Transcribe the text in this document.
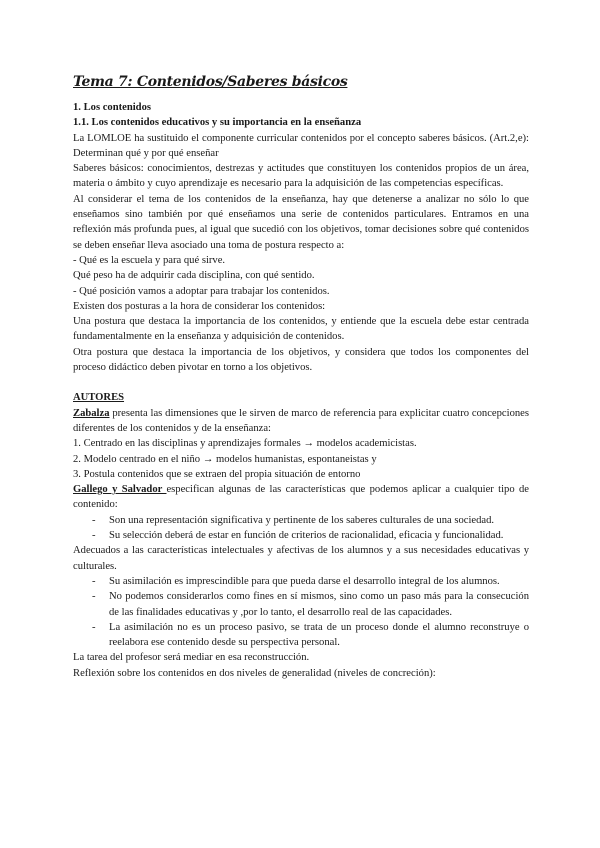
Tema 7: Contenidos/Saberes básicos
1. Los contenidos
1.1. Los contenidos educativos y su importancia en la enseñanza
La LOMLOE ha sustituido el componente curricular contenidos por el concepto saberes básicos. (Art.2,e): Determinan qué y por qué enseñar
Saberes básicos: conocimientos, destrezas y actitudes que constituyen los contenidos propios de un área, materia o ámbito y cuyo aprendizaje es necesario para la adquisición de las competencias específicas.
Al considerar el tema de los contenidos de la enseñanza, hay que detenerse a analizar no sólo lo que enseñamos sino también por qué enseñamos una serie de contenidos particulares. Entramos en una reflexión más profunda pues, al igual que sucedió con los objetivos, tomar decisiones sobre qué contenidos se deben enseñar lleva asociado una toma de postura respecto a:
- Qué es la escuela y para qué sirve.
Qué peso ha de adquirir cada disciplina, con qué sentido.
- Qué posición vamos a adoptar para trabajar los contenidos.
Existen dos posturas a la hora de considerar los contenidos:
Una postura que destaca la importancia de los contenidos, y entiende que la escuela debe estar centrada fundamentalmente en la enseñanza y adquisición de contenidos.
Otra postura que destaca la importancia de los objetivos, y considera que todos los componentes del proceso didáctico deben pivotar en torno a los objetivos.
AUTORES
Zabalza presenta las dimensiones que le sirven de marco de referencia para explicitar cuatro concepciones diferentes de los contenidos y de la enseñanza:
1. Centrado en las disciplinas y aprendizajes formales → modelos academicistas.
2. Modelo centrado en el niño → modelos humanistas, espontaneistas y
3. Postula contenidos que se extraen del propia situación de entorno
Gallego y Salvador especifican algunas de las características que podemos aplicar a cualquier tipo de contenido:
- Son una representación significativa y pertinente de los saberes culturales de una sociedad.
- Su selección deberá de estar en función de criterios de racionalidad, eficacia y funcionalidad.
Adecuados a las características intelectuales y afectivas de los alumnos y a sus necesidades educativas y culturales.
- Su asimilación es imprescindible para que pueda darse el desarrollo integral de los alumnos.
- No podemos considerarlos como fines en sí mismos, sino como un paso más para la consecución de las finalidades educativas y ,por lo tanto, el desarrollo real de las capacidades.
- La asimilación no es un proceso pasivo, se trata de un proceso donde el alumno reconstruye o reelabora ese contenido desde su perspectiva personal.
La tarea del profesor será mediar en esa reconstrucción.
Reflexión sobre los contenidos en dos niveles de generalidad (niveles de concreción):
